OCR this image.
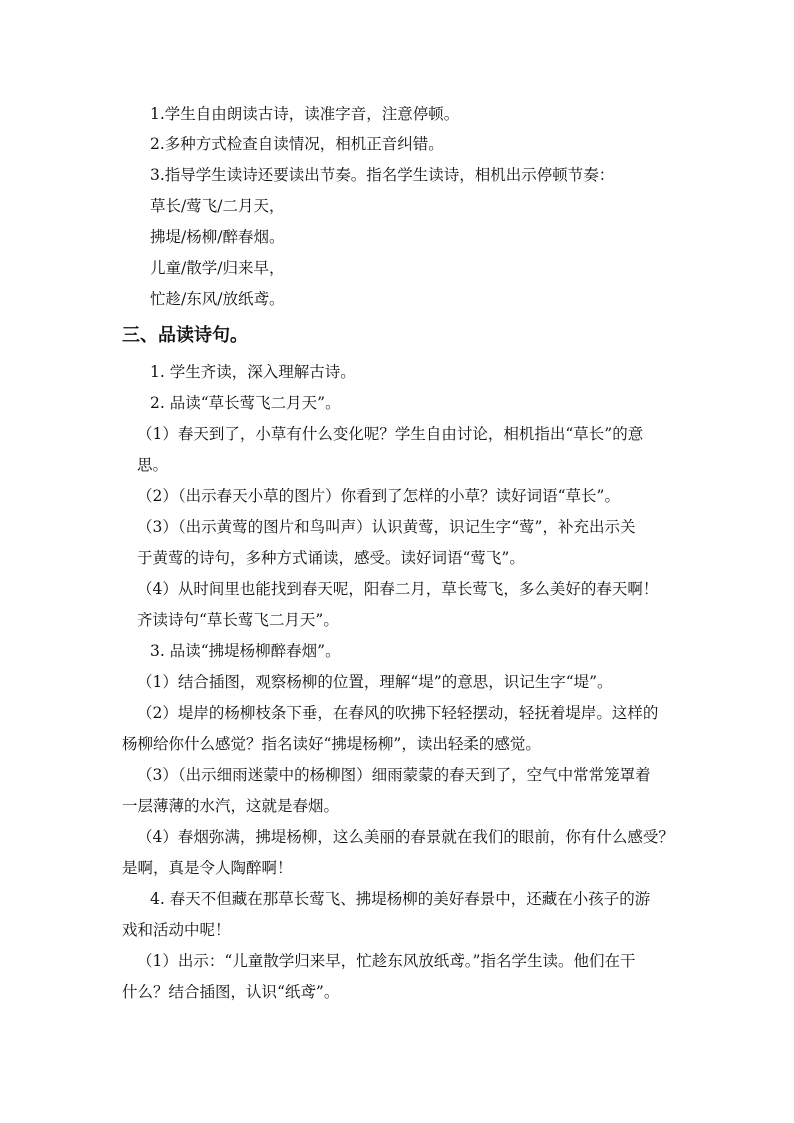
1.学生自由朗读古诗，读准字音，注意停顿。
2.多种方式检查自读情况，相机正音纠错。
3.指导学生读诗还要读出节奏。指名学生读诗，相机出示停顿节奏：
草长/莺飞/二月天，
拂堤/杨柳/醉春烟。
儿童/散学/归来早，
忙趁/东风/放纸鸢。
三、品读诗句。
1. 学生齐读，深入理解古诗。
2. 品读“草长莺飞二月天”。
（1）春天到了，小草有什么变化呢？学生自由讨论，相机指出“草长”的意
思。
（2）（出示春天小草的图片）你看到了怎样的小草？读好词语“草长”。
（3）（出示黄莺的图片和鸟叫声）认识黄莺，识记生字“莺”，补充出示关
于黄莺的诗句，多种方式诵读，感受。读好词语“莺飞”。
（4）从时间里也能找到春天呢，阳春二月，草长莺飞，多么美好的春天啊！
齐读诗句“草长莺飞二月天”。
3. 品读“拂堤杨柳醉春烟”。
（1）结合插图，观察杨柳的位置，理解“堤”的意思，识记生字“堤”。
（2）堤岸的杨柳枝条下垂，在春风的吹拂下轻轻摆动，轻抚着堤岸。这样的
杨柳给你什么感觉？指名读好“拂堤杨柳”，读出轻柔的感觉。
（3）（出示细雨迷蒙中的杨柳图）细雨蒙蒙的春天到了，空气中常常笼罩着
一层薄薄的水汽，这就是春烟。
（4）春烟弥满，拂堤杨柳，这么美丽的春景就在我们的眼前，你有什么感受？
是啊，真是令人陶醉啊！
4. 春天不但藏在那草长莺飞、拂堤杨柳的美好春景中，还藏在小孩子的游
戏和活动中呢！
（1）出示：“儿童散学归来早，忙趁东风放纸鸢。”指名学生读。他们在干
什么？结合插图，认识“纸鸢”。
